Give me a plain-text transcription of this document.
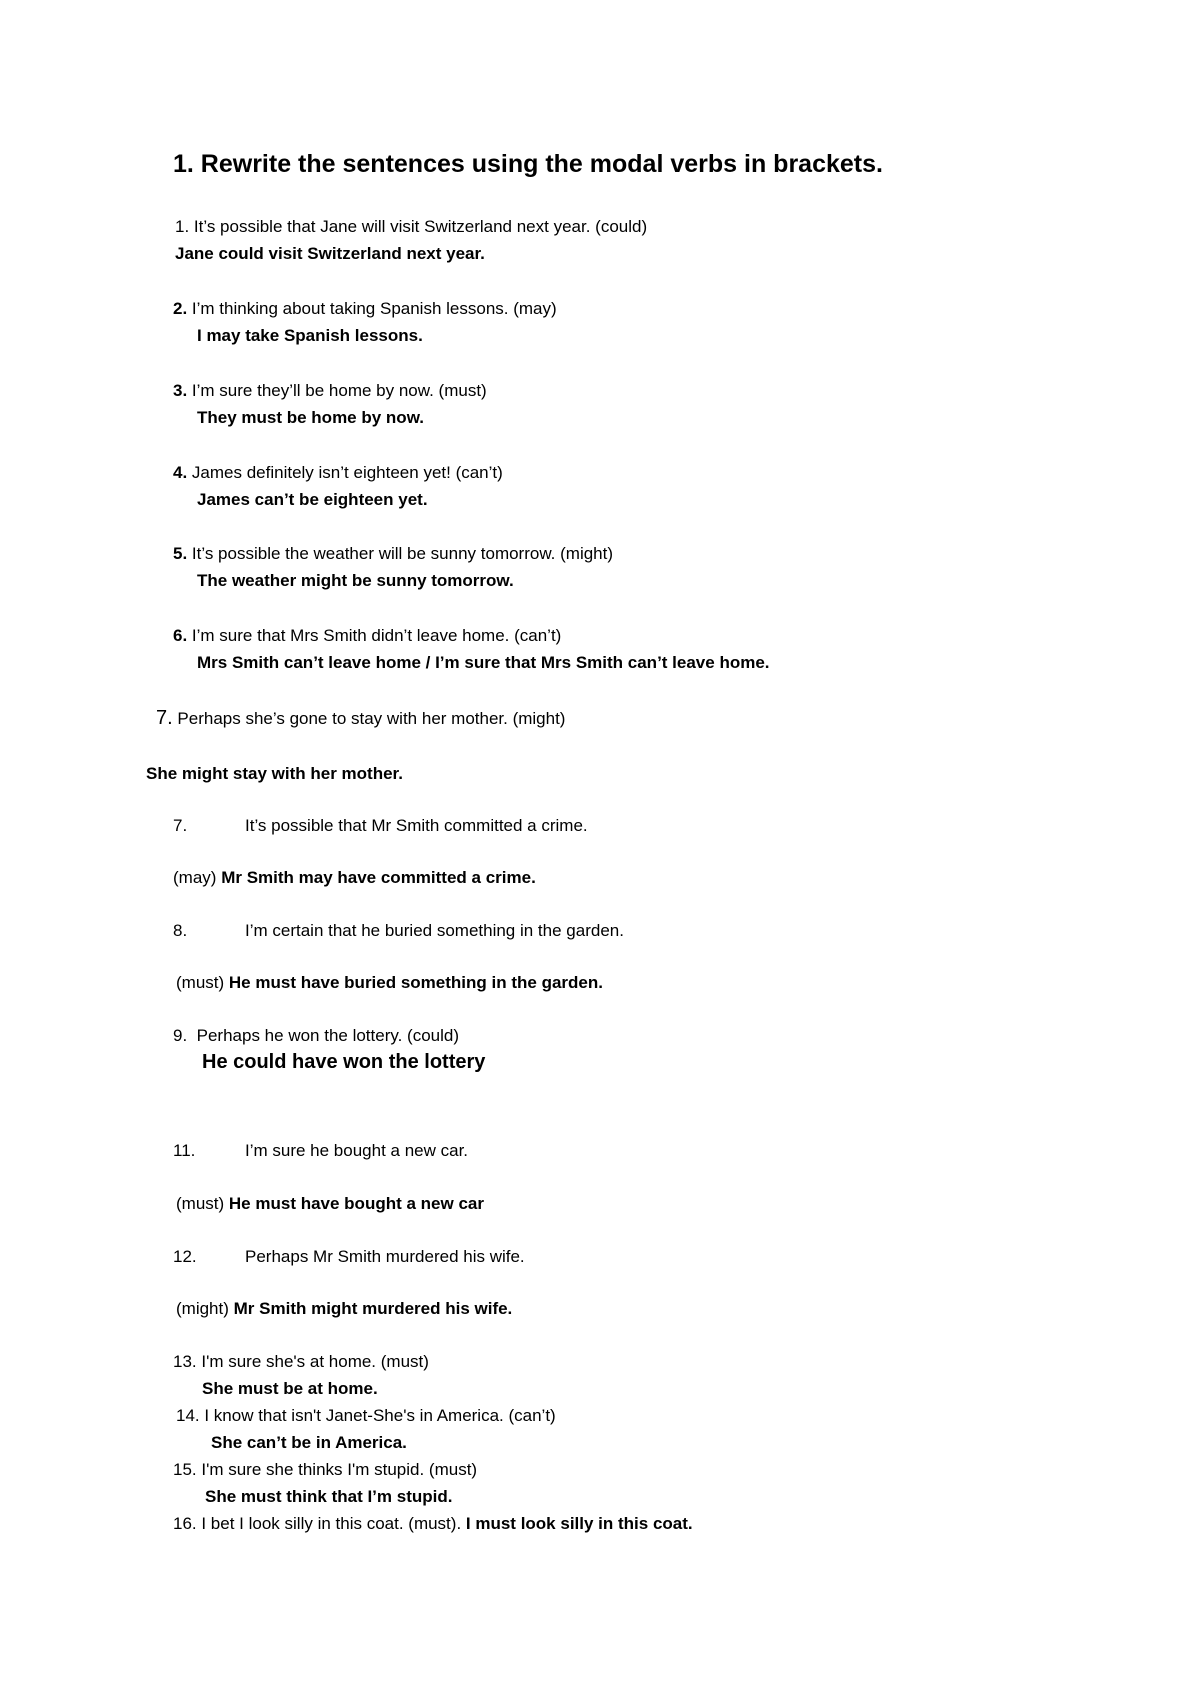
1. Rewrite the sentences using the modal verbs in brackets.
1. It’s possible that Jane will visit Switzerland next year. (could)
Jane could visit Switzerland next year.
2. I’m thinking about taking Spanish lessons. (may)
I may take Spanish lessons.
3. I’m sure they’ll be home by now. (must)
They must be home by now.
4. James definitely isn’t eighteen yet! (can’t)
James can’t be eighteen yet.
5. It’s possible the weather will be sunny tomorrow. (might)
The weather might be sunny tomorrow.
6. I’m sure that Mrs Smith didn’t leave home. (can’t)
Mrs Smith can’t leave home / I’m sure that Mrs Smith can’t leave home.
7. Perhaps she’s gone to stay with her mother. (might)
She might stay with her mother.
7.	It’s possible that Mr Smith committed a crime.
(may) Mr Smith may have committed a crime.
8.	I’m certain that he buried something in the garden.
(must) He must have buried something in the garden.
9. Perhaps he won the lottery. (could)
He could have won the lottery
11.	I’m sure he bought a new car.
(must) He must have bought a new car
12.	Perhaps Mr Smith murdered his wife.
(might) Mr Smith might murdered his wife.
13. I'm sure she's at home. (must)
She must be at home.
14. I know that isn't Janet-She's in America. (can’t)
She can’t be in America.
15. I'm sure she thinks I'm stupid. (must)
She must think that I’m stupid.
16. I bet I look silly in this coat. (must). I must look silly in this coat.
